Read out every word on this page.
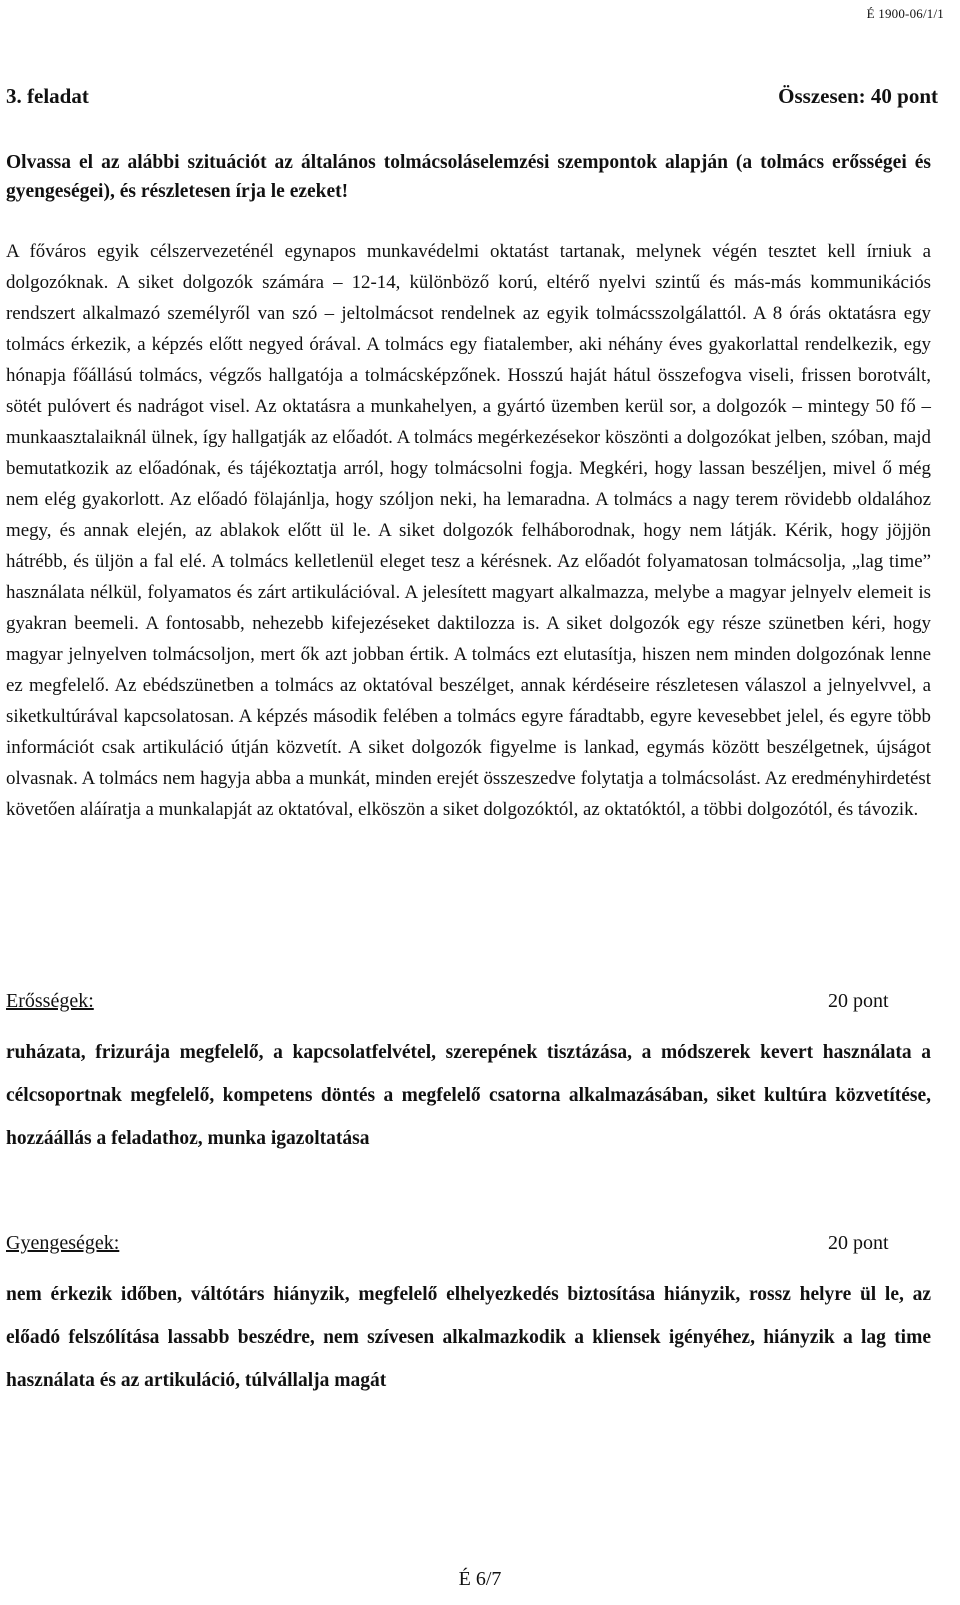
É 1900-06/1/1
3. feladat	Összesen: 40 pont
Olvassa el az alábbi szituációt az általános tolmácsoláselemzési szempontok alapján (a tolmács erősségei és gyengeségei), és részletesen írja le ezeket!
A főváros egyik célszervezeténél egynapos munkavédelmi oktatást tartanak, melynek végén tesztet kell írniuk a dolgozóknak. A siket dolgozók számára – 12-14, különböző korú, eltérő nyelvi szintű és más-más kommunikációs rendszert alkalmazó személyről van szó – jeltolmácsot rendelnek az egyik tolmácsszolgálattól. A 8 órás oktatásra egy tolmács érkezik, a képzés előtt negyed órával. A tolmács egy fiatalember, aki néhány éves gyakorlattal rendelkezik, egy hónapja főállású tolmács, végzős hallgatója a tolmácsképzőnek. Hosszú haját hátul összefogva viseli, frissen borotvált, sötét pulóvert és nadrágot visel. Az oktatásra a munkahelyen, a gyártó üzemben kerül sor, a dolgozók – mintegy 50 fő – munkaasztalaiknál ülnek, így hallgatják az előadót. A tolmács megérkezésekor köszönti a dolgozókat jelben, szóban, majd bemutatkozik az előadónak, és tájékoztatja arról, hogy tolmácsolni fogja. Megkéri, hogy lassan beszéljen, mivel ő még nem elég gyakorlott. Az előadó fölajánlja, hogy szóljon neki, ha lemaradna. A tolmács a nagy terem rövidebb oldalához megy, és annak elején, az ablakok előtt ül le. A siket dolgozók felháborodnak, hogy nem látják. Kérik, hogy jöjjön hátrébb, és üljön a fal elé. A tolmács kelletlenül eleget tesz a kérésnek. Az előadót folyamatosan tolmácsolja, „lag time” használata nélkül, folyamatos és zárt artikulációval. A jelesített magyart alkalmazza, melybe a magyar jelnyelv elemeit is gyakran beemeli. A fontosabb, nehezebb kifejezéseket daktilozza is. A siket dolgozók egy része szünetben kéri, hogy magyar jelnyelven tolmácsoljon, mert ők azt jobban értik. A tolmács ezt elutasítja, hiszen nem minden dolgozónak lenne ez megfelelő. Az ebédszünetben a tolmács az oktatóval beszélget, annak kérdéseire részletesen válaszol a jelnyelvvel, a siketkultúrával kapcsolatosan. A képzés második felében a tolmács egyre fáradtabb, egyre kevesebbet jelel, és egyre több információt csak artikuláció útján közvetít. A siket dolgozók figyelme is lankad, egymás között beszélgetnek, újságot olvasnak. A tolmács nem hagyja abba a munkát, minden erejét összeszedve folytatja a tolmácsolást. Az eredményhirdetést követően aláíratja a munkalapját az oktatóval, elköszön a siket dolgozóktól, az oktatóktól, a többi dolgozótól, és távozik.
Erősségek:	20 pont
ruházata, frizurája megfelelő, a kapcsolatfelvétel, szerepének tisztázása, a módszerek kevert használata a célcsoportnak megfelelő, kompetens döntés a megfelelő csatorna alkalmazásában, siket kultúra közvetítése, hozzáállás a feladathoz, munka igazoltatása
Gyengeségek:	20 pont
nem érkezik időben, váltótárs hiányzik, megfelelő elhelyezkedés biztosítása hiányzik, rossz helyre ül le, az előadó felszólítása lassabb beszédre, nem szívesen alkalmazkodik a kliensek igényéhez, hiányzik a lag time használata és az artikuláció, túlvállalja magát
É 6/7
